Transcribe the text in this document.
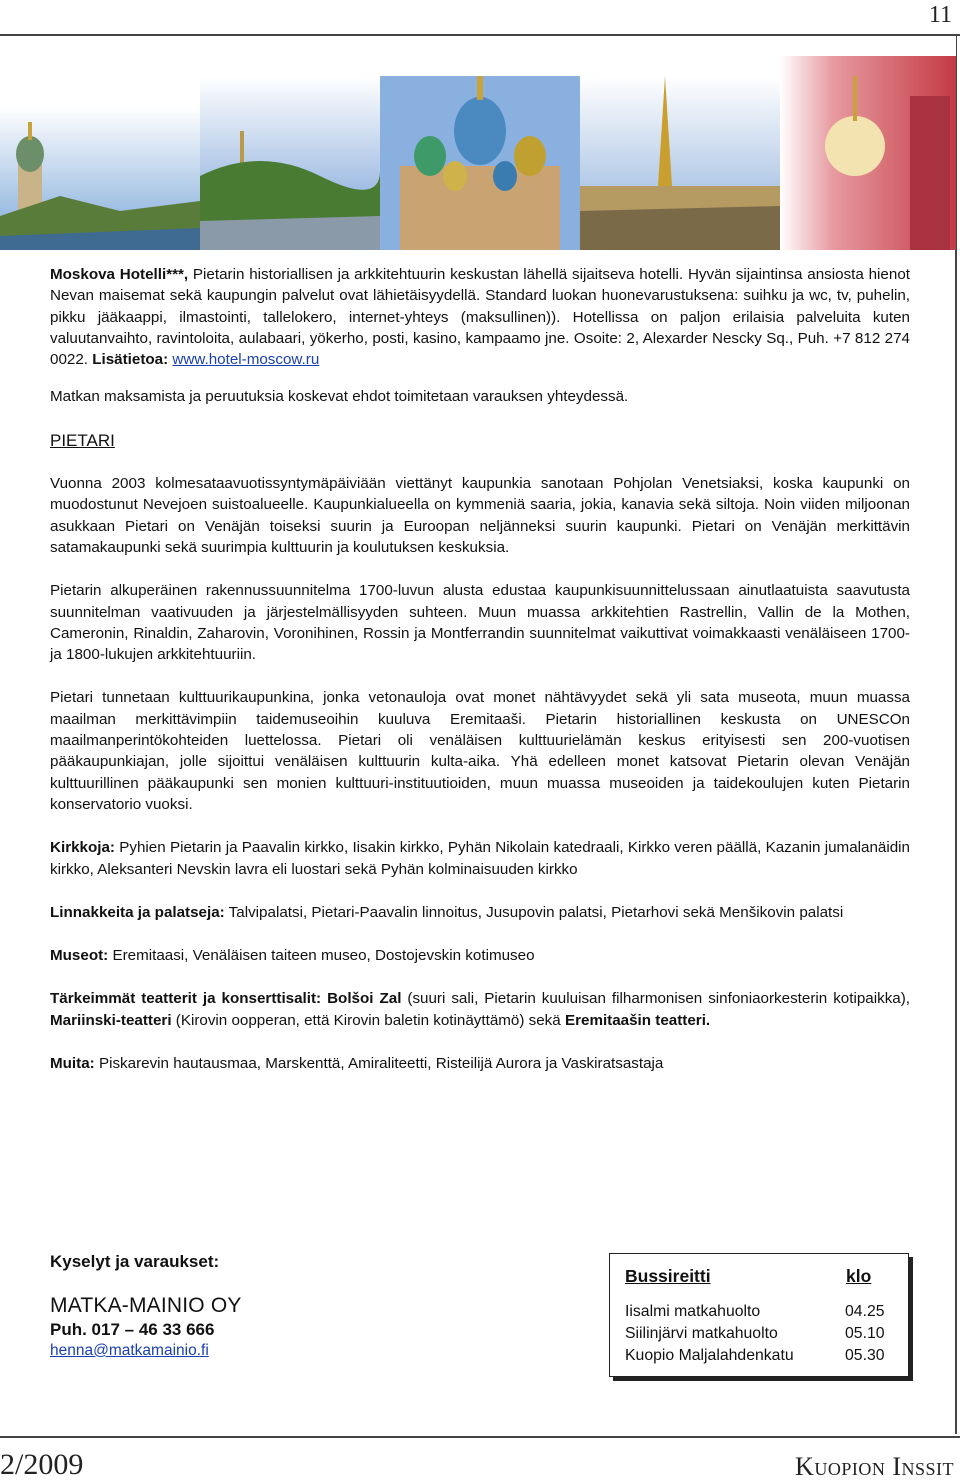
11

Moskova Hotelli***, Pietarin historiallisen ja arkkitehtuurin keskustan lähellä sijaitseva hotelli. Hyvän sijaintinsa ansiosta hienot Nevan maisemat sekä kaupungin palvelut ovat lähietäisyydellä. Standard luokan huonevarustuksena: suihku ja wc, tv, puhelin, pikku jääkaappi, ilmastointi, tallelokero, internet-yhteys (maksullinen)). Hotellissa on paljon erilaisia palveluita kuten valuutanvaihto, ravintoloita, aulabaari, yökerho, posti, kasino, kampaamo jne. Osoite: 2, Alexarder Nescky Sq., Puh. +7 812 274 0022. Lisätietoa: www.hotel-moscow.ru

Matkan maksamista ja peruutuksia koskevat ehdot toimitetaan varauksen yhteydessä.

PIETARI

Vuonna 2003 kolmesataavuotissyntymäpäiviään viettänyt kaupunkia sanotaan Pohjolan Venetsiaksi, koska kaupunki on muodostunut Nevejoen suistoalueelle. Kaupunkialueella on kymmeniä saaria, jokia, kanavia sekä siltoja. Noin viiden miljoonan asukkaan Pietari on Venäjän toiseksi suurin ja Euroopan neljänneksi suurin kaupunki. Pietari on Venäjän merkittävin satamakaupunki sekä suurimpia kulttuurin ja koulutuksen keskuksia.

Pietarin alkuperäinen rakennussuunnitelma 1700-luvun alusta edustaa kaupunkisuunnittelussaan ainutlaatuista saavutusta suunnitelman vaativuuden ja järjestelmällisyyden suhteen. Muun muassa arkkitehtien Rastrellin, Vallin de la Mothen, Cameronin, Rinaldin, Zaharovin, Voronihinen, Rossin ja Montferrandin suunnitelmat vaikuttivat voimakkaasti venäläiseen 1700- ja 1800-lukujen arkkitehtuuriin.

Pietari tunnetaan kulttuurikaupunkina, jonka vetonauloja ovat monet nähtävyydet sekä yli sata museota, muun muassa maailman merkittävimpiin taidemuseoihin kuuluva Eremitaaši. Pietarin historiallinen keskusta on UNESCOn maailmanperintökohteiden luettelossa. Pietari oli venäläisen kulttuurielämän keskus erityisesti sen 200-vuotisen pääkaupunkiajan, jolle sijoittui venäläisen kulttuurin kulta-aika. Yhä edelleen monet katsovat Pietarin olevan Venäjän kulttuurillinen pääkaupunki sen monien kulttuuri-instituutioiden, muun muassa museoiden ja taidekoulujen kuten Pietarin konservatorio vuoksi.

Kirkkoja: Pyhien Pietarin ja Paavalin kirkko, Iisakin kirkko, Pyhän Nikolain katedraali, Kirkko veren päällä, Kazanin jumalanäidin kirkko, Aleksanteri Nevskin lavra eli luostari sekä Pyhän kolminaisuuden kirkko

Linnakkeita ja palatseja: Talvipalatsi, Pietari-Paavalin linnoitus, Jusupovin palatsi, Pietarhovi sekä Menšikovin palatsi

Museot: Eremitaasi, Venäläisen taiteen museo, Dostojevskin kotimuseo

Tärkeimmät teatterit ja konserttisalit: Bolšoi Zal (suuri sali, Pietarin kuuluisan filharmonisen sinfoniaorkesterin kotipaikka), Mariinski-teatteri (Kirovin oopperan, että Kirovin baletin kotinäyttämö) sekä Eremitaašin teatteri.

Muita: Piskarevin hautausmaa, Marskenttä, Amiraliteetti, Risteilijä Aurora ja Vaskiratsastaja

Kyselyt ja varaukset:

MATKA-MAINIO OY

Puh. 017 – 46 33 666

henna@matkamainio.fi
Bussireitti	klo
Iisalmi matkahuolto	04.25
Siilinjärvi matkahuolto	05.10
Kuopio Maljalahdenkatu	05.30
2/2009	Kuopion Inssit
